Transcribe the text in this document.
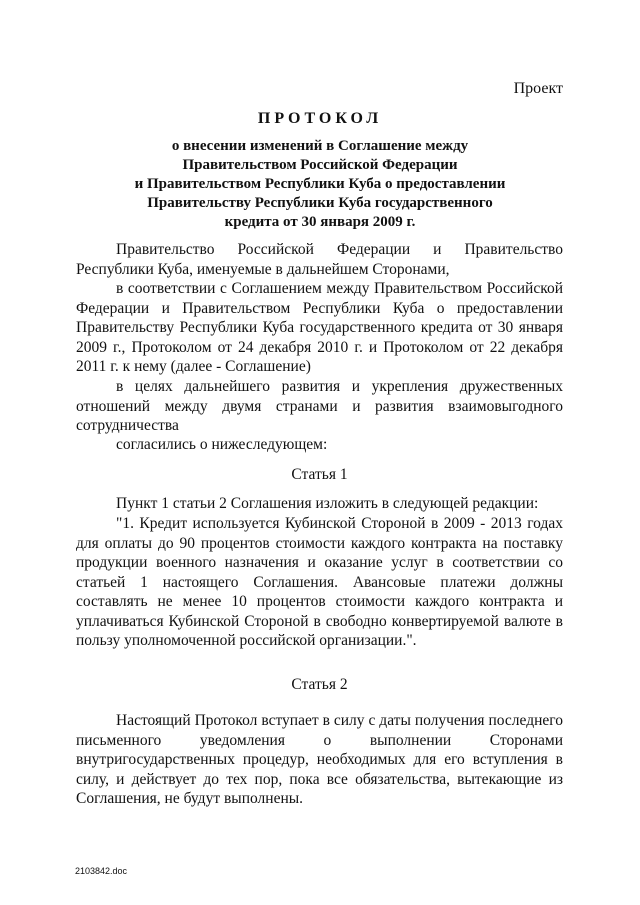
Проект
ПРОТОКОЛ
о внесении изменений в Соглашение между
Правительством Российской Федерации
и Правительством Республики Куба о предоставлении
Правительству Республики Куба государственного
кредита от 30 января 2009 г.

Правительство Российской Федерации и Правительство Республики Куба, именуемые в дальнейшем Сторонами,

в соответствии с Соглашением между Правительством Российской Федерации и Правительством Республики Куба о предоставлении Правительству Республики Куба государственного кредита от 30 января 2009 г., Протоколом от 24 декабря 2010 г. и Протоколом от 22 декабря 2011 г. к нему (далее - Соглашение)

в целях дальнейшего развития и укрепления дружественных отношений между двумя странами и развития взаимовыгодного сотрудничества

согласились о нижеследующем:

Статья 1

Пункт 1 статьи 2 Соглашения изложить в следующей редакции:

"1. Кредит используется Кубинской Стороной в 2009 - 2013 годах для оплаты до 90 процентов стоимости каждого контракта на поставку продукции военного назначения и оказание услуг в соответствии со статьей 1 настоящего Соглашения. Авансовые платежи должны составлять не менее 10 процентов стоимости каждого контракта и уплачиваться Кубинской Стороной в свободно конвертируемой валюте в пользу уполномоченной российской организации.".

Статья 2

Настоящий Протокол вступает в силу с даты получения последнего письменного уведомления о выполнении Сторонами внутригосударственных процедур, необходимых для его вступления в силу, и действует до тех пор, пока все обязательства, вытекающие из Соглашения, не будут выполнены.

2103842.doc
